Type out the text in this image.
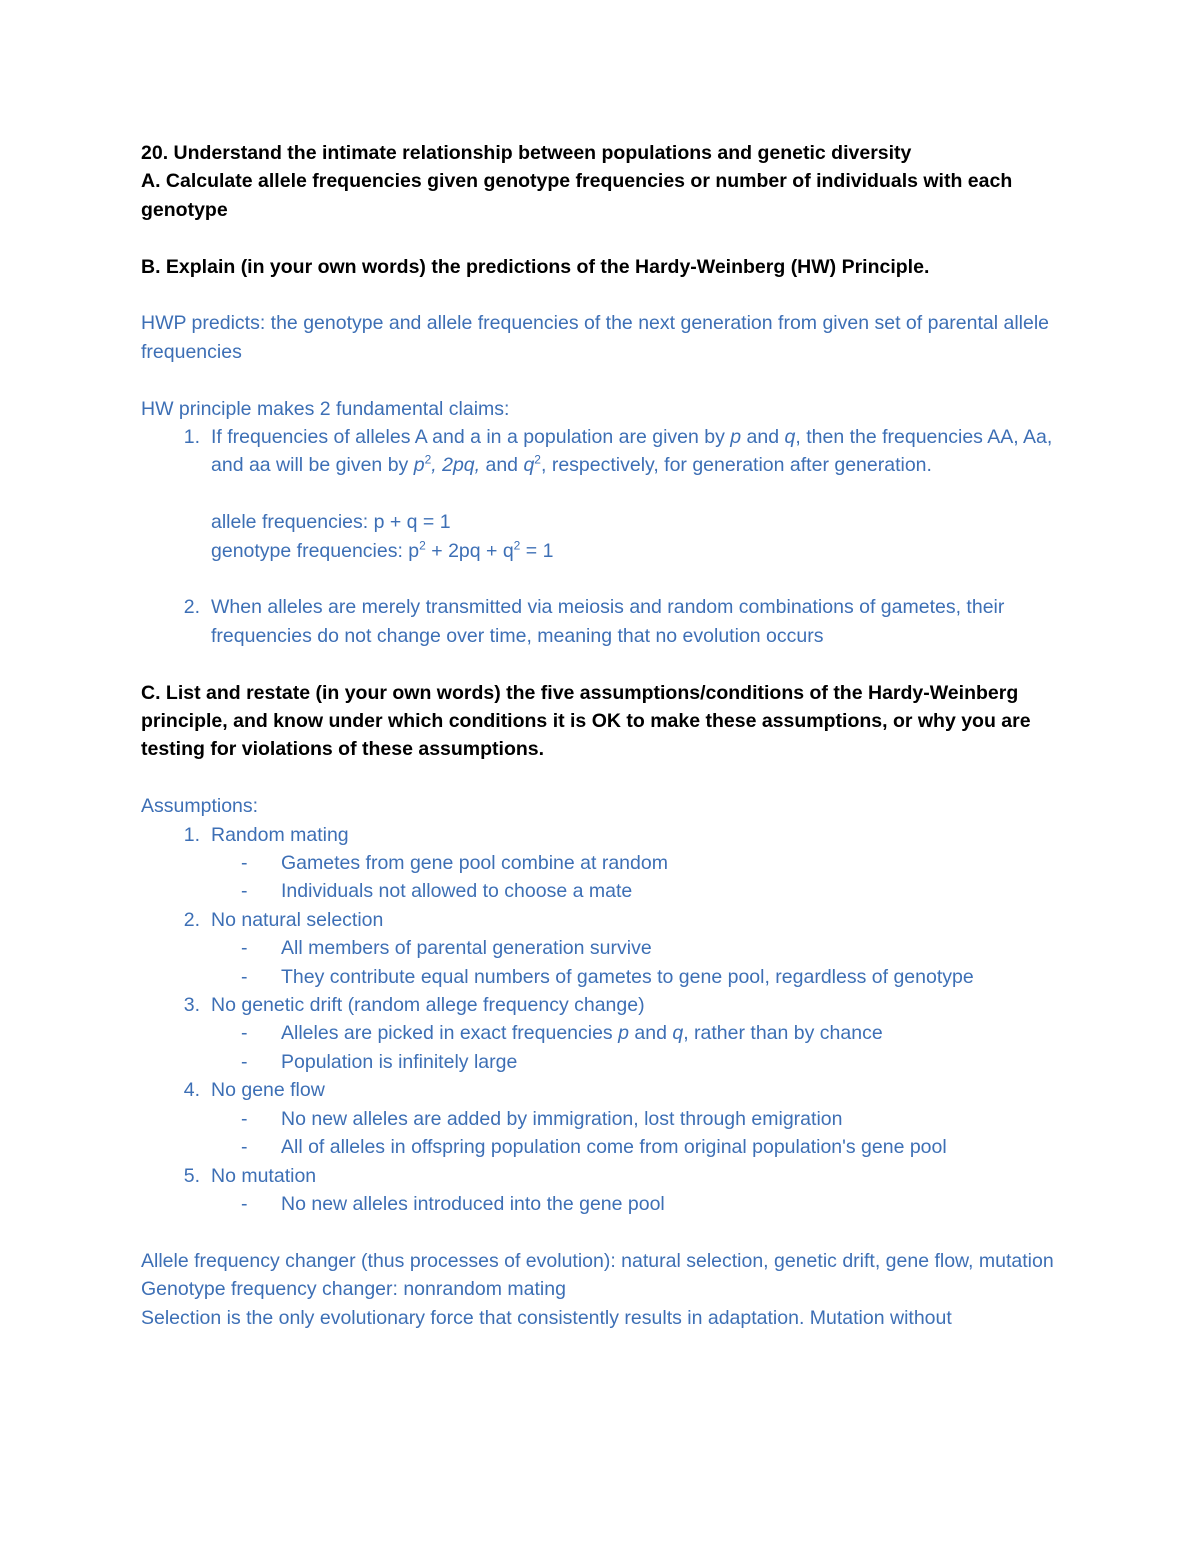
20. Understand the intimate relationship between populations and genetic diversity
A. Calculate allele frequencies given genotype frequencies or number of individuals with each genotype
B. Explain (in your own words) the predictions of the Hardy-Weinberg (HW) Principle.
HWP predicts: the genotype and allele frequencies of the next generation from given set of parental allele frequencies
HW principle makes 2 fundamental claims:
1. If frequencies of alleles A and a in a population are given by p and q, then the frequencies AA, Aa, and aa will be given by $p^2$, 2pq, and $q^2$, respectively, for generation after generation.
allele frequencies: p + q = 1
genotype frequencies: $p^2 + 2pq + q^2 = 1$
2. When alleles are merely transmitted via meiosis and random combinations of gametes, their frequencies do not change over time, meaning that no evolution occurs
C. List and restate (in your own words) the five assumptions/conditions of the Hardy-Weinberg principle, and know under which conditions it is OK to make these assumptions, or why you are testing for violations of these assumptions.
Assumptions:
1. Random mating
-	Gametes from gene pool combine at random
-	Individuals not allowed to choose a mate
2. No natural selection
-	All members of parental generation survive
-	They contribute equal numbers of gametes to gene pool, regardless of genotype
3. No genetic drift (random allege frequency change)
-	Alleles are picked in exact frequencies p and q, rather than by chance
-	Population is infinitely large
4. No gene flow
-	No new alleles are added by immigration, lost through emigration
-	All of alleles in offspring population come from original population's gene pool
5. No mutation
-	No new alleles introduced into the gene pool
Allele frequency changer (thus processes of evolution): natural selection, genetic drift, gene flow, mutation
Genotype frequency changer: nonrandom mating
Selection is the only evolutionary force that consistently results in adaptation. Mutation without
